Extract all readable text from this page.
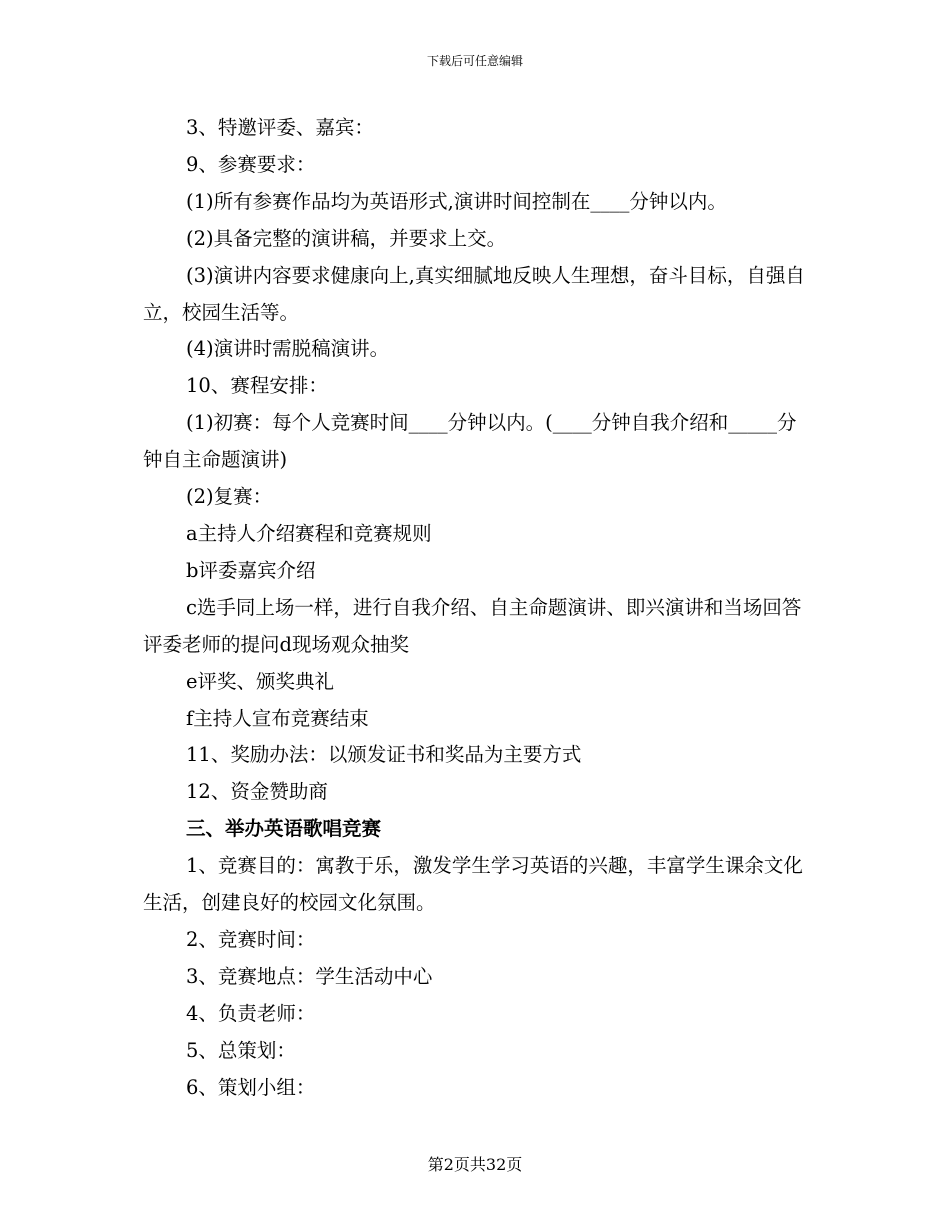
下载后可任意编辑

3、特邀评委、嘉宾：

9、参赛要求：

(1)所有参赛作品均为英语形式,演讲时间控制在____分钟以内。

(2)具备完整的演讲稿，并要求上交。

(3)演讲内容要求健康向上,真实细腻地反映人生理想，奋斗目标，自强自立，校园生活等。

(4)演讲时需脱稿演讲。

10、赛程安排：

(1)初赛：每个人竞赛时间____分钟以内。(____分钟自我介绍和_____分钟自主命题演讲)

(2)复赛：

a主持人介绍赛程和竞赛规则

b评委嘉宾介绍

c选手同上场一样，进行自我介绍、自主命题演讲、即兴演讲和当场回答评委老师的提问d现场观众抽奖

e评奖、颁奖典礼

f主持人宣布竞赛结束

11、奖励办法：以颁发证书和奖品为主要方式

12、资金赞助商

三、举办英语歌唱竞赛

1、竞赛目的：寓教于乐，激发学生学习英语的兴趣，丰富学生课余文化生活，创建良好的校园文化氛围。

2、竞赛时间：

3、竞赛地点：学生活动中心

4、负责老师：

5、总策划：

6、策划小组：

第2页共32页
